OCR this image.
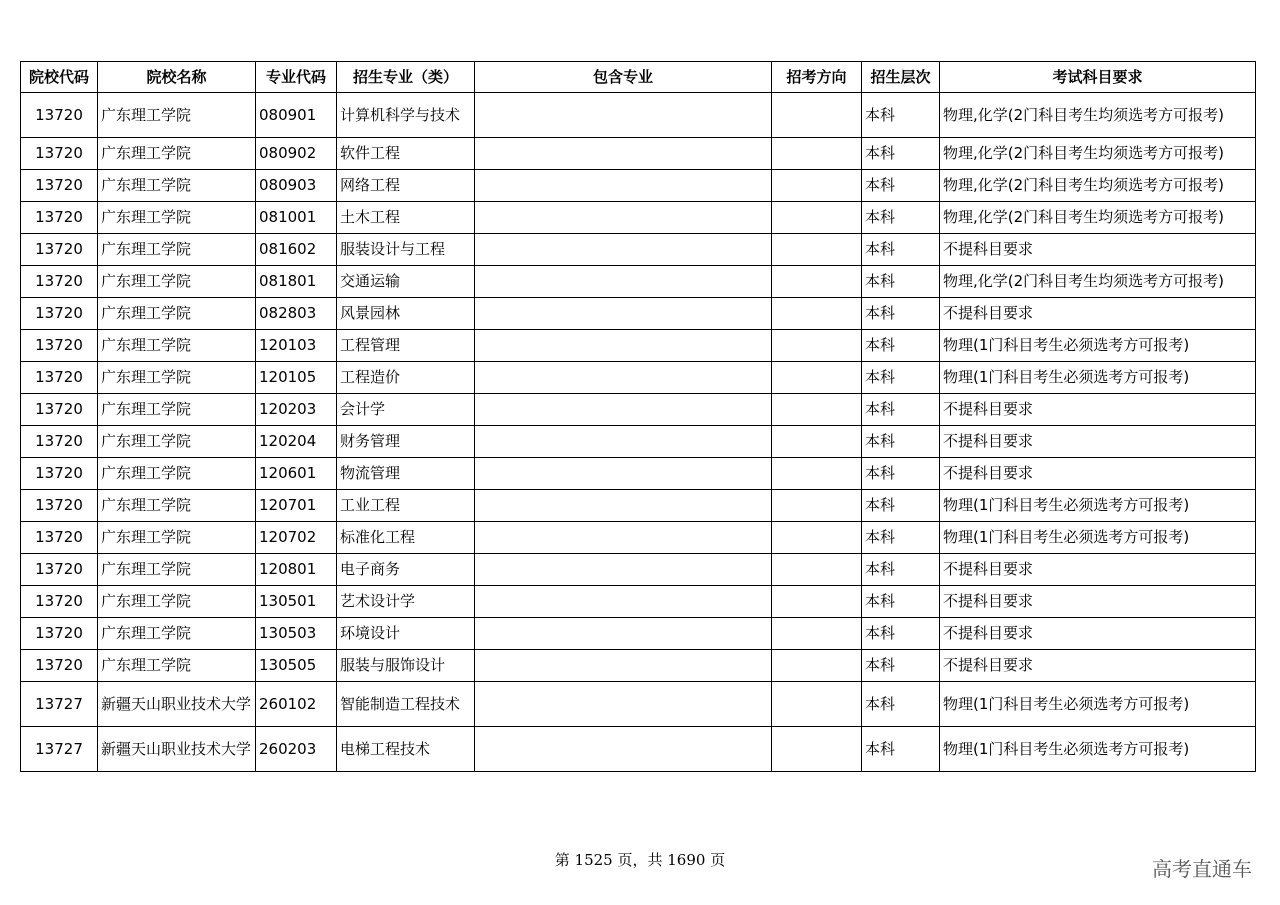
院校代码	院校名称	专业代码	招生专业（类）	包含专业	招考方向	招生层次	考试科目要求
13720	广东理工学院	080901	计算机科学与技术			本科	物理,化学(2门科目考生均须选考方可报考)
13720	广东理工学院	080902	软件工程			本科	物理,化学(2门科目考生均须选考方可报考)
13720	广东理工学院	080903	网络工程			本科	物理,化学(2门科目考生均须选考方可报考)
13720	广东理工学院	081001	土木工程			本科	物理,化学(2门科目考生均须选考方可报考)
13720	广东理工学院	081602	服装设计与工程			本科	不提科目要求
13720	广东理工学院	081801	交通运输			本科	物理,化学(2门科目考生均须选考方可报考)
13720	广东理工学院	082803	风景园林			本科	不提科目要求
13720	广东理工学院	120103	工程管理			本科	物理(1门科目考生必须选考方可报考)
13720	广东理工学院	120105	工程造价			本科	物理(1门科目考生必须选考方可报考)
13720	广东理工学院	120203	会计学			本科	不提科目要求
13720	广东理工学院	120204	财务管理			本科	不提科目要求
13720	广东理工学院	120601	物流管理			本科	不提科目要求
13720	广东理工学院	120701	工业工程			本科	物理(1门科目考生必须选考方可报考)
13720	广东理工学院	120702	标准化工程			本科	物理(1门科目考生必须选考方可报考)
13720	广东理工学院	120801	电子商务			本科	不提科目要求
13720	广东理工学院	130501	艺术设计学			本科	不提科目要求
13720	广东理工学院	130503	环境设计			本科	不提科目要求
13720	广东理工学院	130505	服装与服饰设计			本科	不提科目要求
13727	新疆天山职业技术大学	260102	智能制造工程技术			本科	物理(1门科目考生必须选考方可报考)
13727	新疆天山职业技术大学	260203	电梯工程技术			本科	物理(1门科目考生必须选考方可报考)
第 1525 页，共 1690 页	高考直通车
